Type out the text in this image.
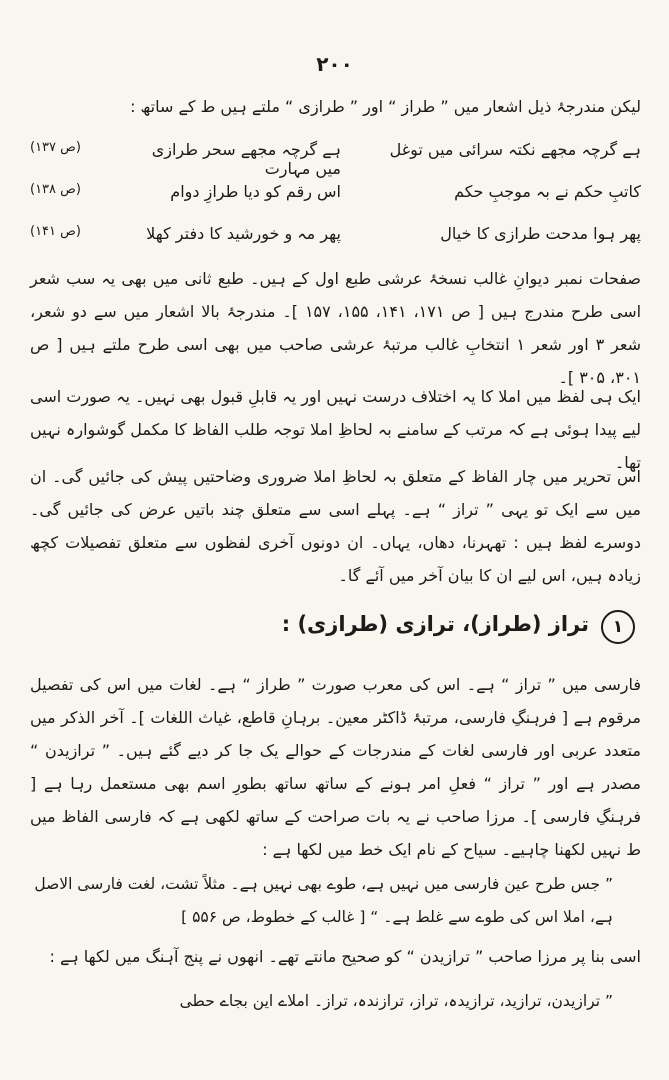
۲۰۰

لیکن مندرجۂ ذیل اشعار میں ” طراز “ اور ” طرازی “ ملتے ہیں ط کے ساتھ :

ہے گرچہ مجھے نکتہ سرائی میں توغل
ہے گرچہ مجھے سحر طرازی میں مہارت
(ص ۱۳۷)
کاتبِ حکم نے بہ موجبِ حکم
اس رقم کو دیا طرازِ دوام
(ص ۱۳۸)
پھر ہوا مدحت طرازی کا خیال
پھر مہ و خورشید کا دفتر کھلا
(ص ۱۴۱)

صفحات نمبر دیوانِ غالب نسخۂ عرشی طبع اول کے ہیں۔ طبع ثانی میں بھی یہ سب شعر اسی طرح مندرج ہیں [ ص ۱۷۱، ۱۴۱، ۱۵۵، ۱۵۷ ]۔ مندرجۂ بالا اشعار میں سے دو شعر، شعر ۳ اور شعر ۱ انتخابِ غالب مرتبۂ عرشی صاحب میں بھی اسی طرح ملتے ہیں [ ص ۳۰۱، ۳۰۵ ]۔

ایک ہی لفظ میں املا کا یہ اختلاف درست نہیں اور یہ قابلِ قبول بھی نہیں۔ یہ صورت اسی لیے پیدا ہوئی ہے کہ مرتب کے سامنے بہ لحاظِ املا توجہ طلب الفاظ کا مکمل گوشوارہ نہیں تھا۔

اس تحریر میں چار الفاظ کے متعلق بہ لحاظِ املا ضروری وضاحتیں پیش کی جائیں گی۔ ان میں سے ایک تو یہی ” تراز “ ہے۔ پہلے اسی سے متعلق چند باتیں عرض کی جائیں گی۔ دوسرے لفظ ہیں : تھہرنا، دھاں، یہاں۔ ان دونوں آخری لفظوں سے متعلق تفصیلات کچھ زیادہ ہیں، اس لیے ان کا بیان آخر میں آئے گا۔

۱
تراز (طراز)، ترازی (طرازی) :

فارسی میں ” تراز “ ہے۔ اس کی معرب صورت ” طراز “ ہے۔ لغات میں اس کی تفصیل مرقوم ہے [ فرہنگِ فارسی، مرتبۂ ڈاکٹر معین۔ برہانِ قاطع، غیاث اللغات ]۔ آخر الذکر میں متعدد عربی اور فارسی لغات کے مندرجات کے حوالے یک جا کر دیے گئے ہیں۔ ” ترازیدن “ مصدر ہے اور ” تراز “ فعلِ امر ہونے کے ساتھ ساتھ بطورِ اسم بھی مستعمل رہا ہے [ فرہنگِ فارسی ]۔ مرزا صاحب نے یہ بات صراحت کے ساتھ لکھی ہے کہ فارسی الفاظ میں ط نہیں لکھنا چاہیے۔ سیاح کے نام ایک خط میں لکھا ہے :

” جس طرح عین فارسی میں نہیں ہے، طوے بھی نہیں ہے۔ مثلاً تشت، لغت فارسی الاصل ہے، املا اس کی طوے سے غلط ہے۔ “ [ غالب کے خطوط، ص ۵۵۶ ]

اسی بنا پر مرزا صاحب ” ترازیدن “ کو صحیح مانتے تھے۔ انھوں نے پنج آہنگ میں لکھا ہے :

” ترازیدن، ترازید، ترازیدہ، تراز، ترازندہ، تراز۔ املاے این بجاے حطی
